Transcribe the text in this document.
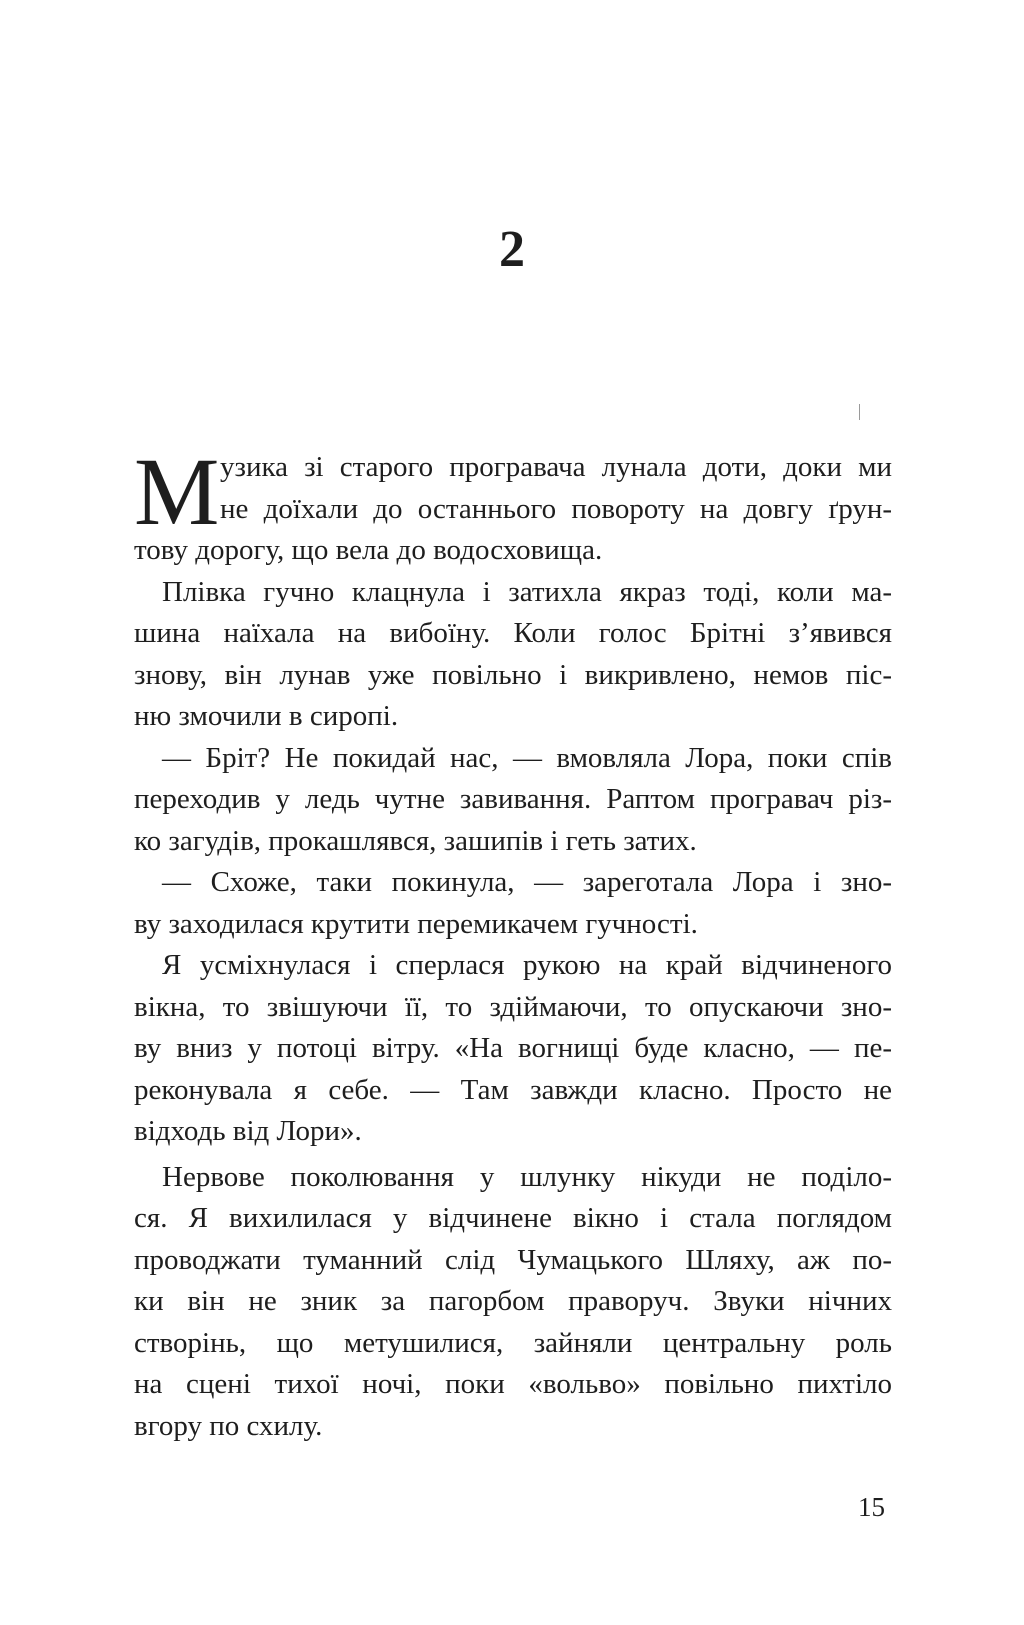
2
М узика зі старого програвача лунала доти, доки ми
не доїхали до останнього повороту на довгу ґрун-
тову дорогу, що вела до водосховища.
Плівка гучно клацнула і затихла якраз тоді, коли ма-
шина наїхала на вибоїну. Коли голос Брітні з’явився
знову, він лунав уже повільно і викривлено, немов піс-
ню змочили в сиропі.
— Бріт? Не покидай нас, — вмовляла Лора, поки спів
переходив у ледь чутне завивання. Раптом програвач різ-
ко загудів, прокашлявся, зашипів і геть затих.
— Схоже, таки покинула, — зареготала Лора і зно-
ву заходилася крутити перемикачем гучності.
Я усміхнулася і сперлася рукою на край відчиненого
вікна, то звішуючи її, то здіймаючи, то опускаючи зно-
ву вниз у потоці вітру. «На вогнищі буде класно, — пе-
реконувала я себе. — Там завжди класно. Просто не
відходь від Лори».
Нервове поколювання у шлунку нікуди не поділо-
ся. Я вихилилася у відчинене вікно і стала поглядом
проводжати туманний слід Чумацького Шляху, аж по-
ки він не зник за пагорбом праворуч. Звуки нічних
створінь, що метушилися, зайняли центральну роль
на сцені тихої ночі, поки «вольво» повільно пихтіло
вгору по схилу.
15
